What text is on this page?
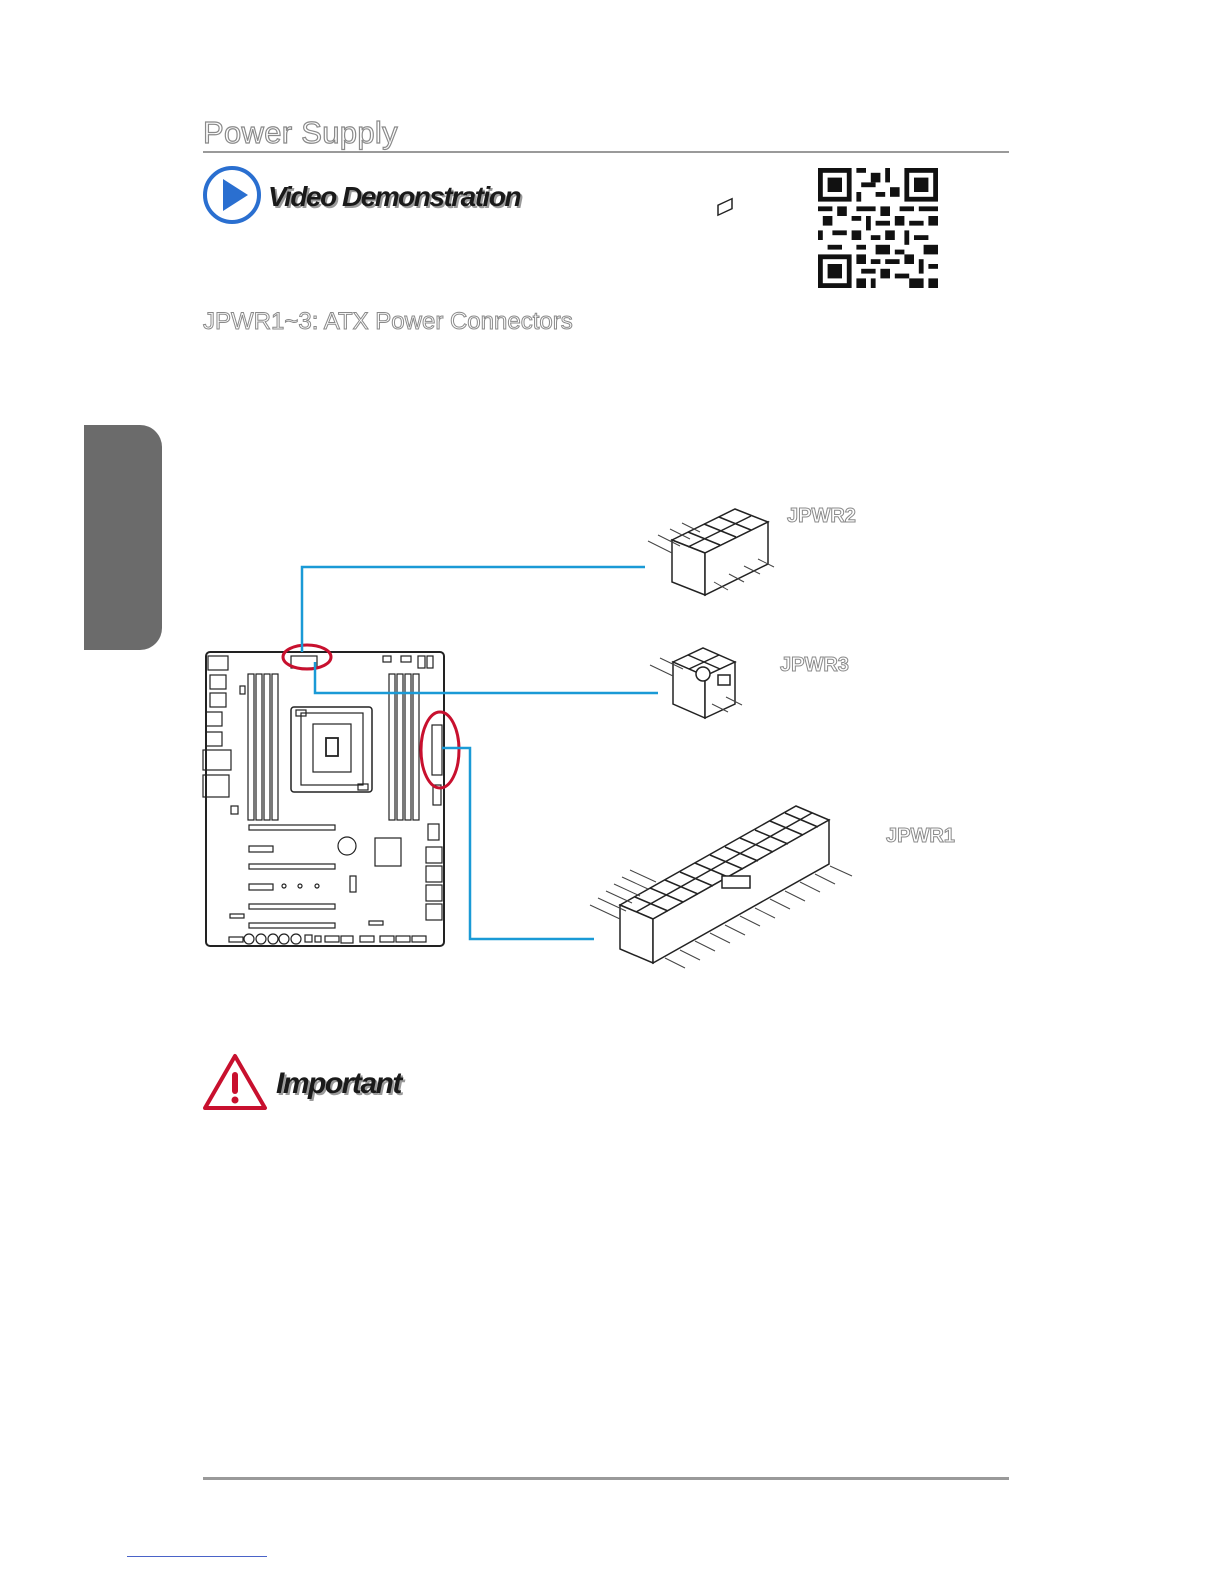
Power Supply
Video Demonstration
JPWR1~3: ATX Power Connectors
JPWR2
JPWR3
JPWR1
Important
